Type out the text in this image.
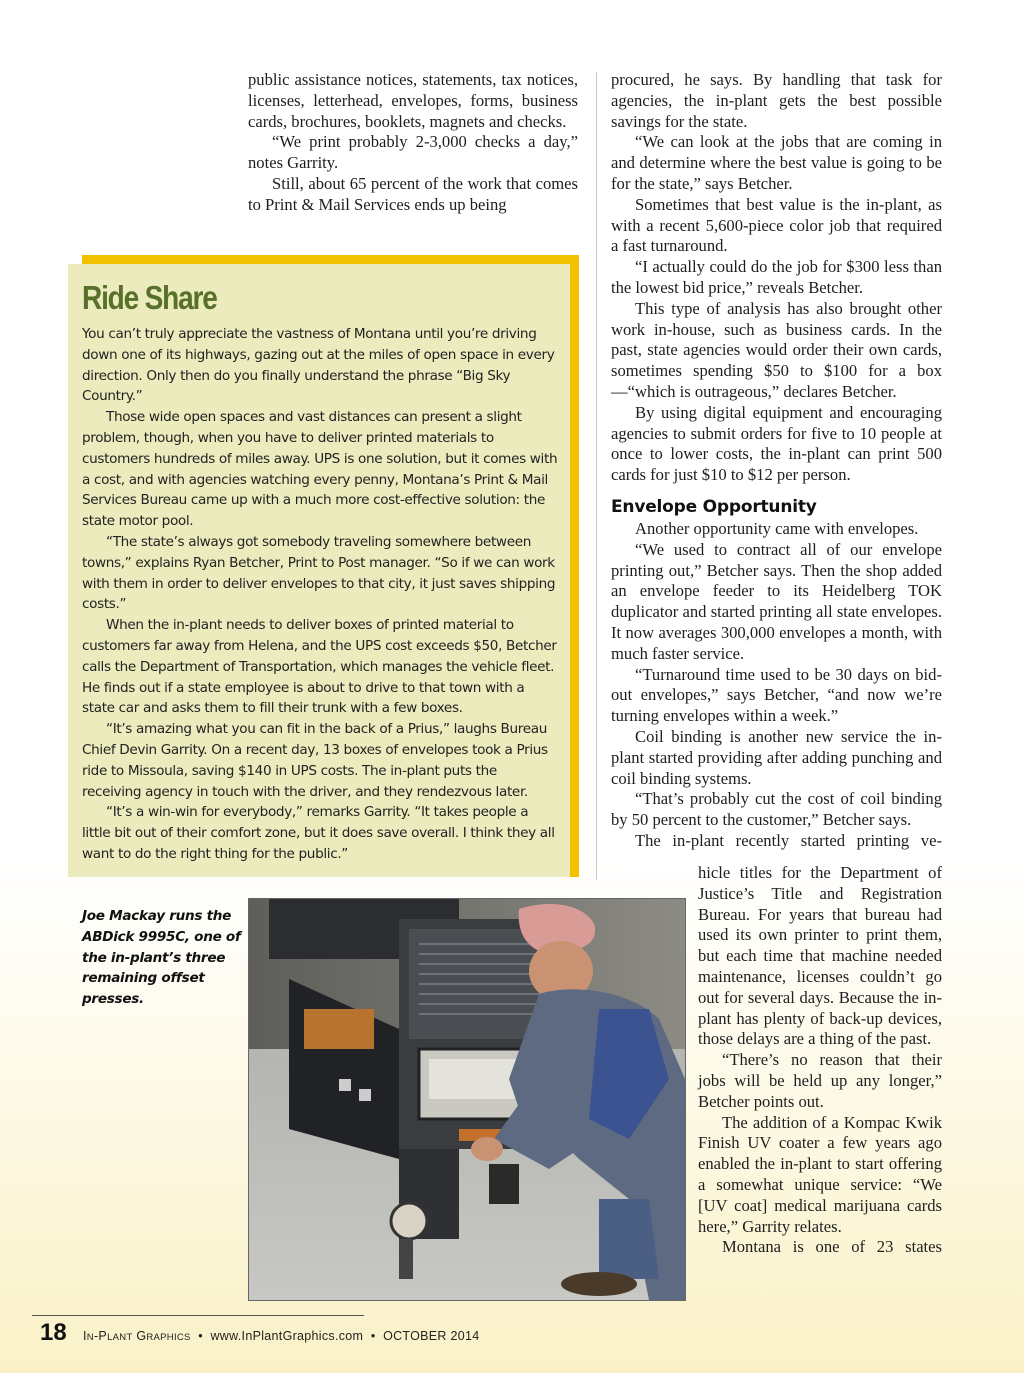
public assistance notices, statements, tax notices, licenses, letterhead, envelopes, forms, business cards, brochures, booklets, magnets and checks.

“We print probably 2-3,000 checks a day,” notes Garrity.

Still, about 65 percent of the work that comes to Print & Mail Services ends up being

Ride Share

You can’t truly appreciate the vastness of Montana until you’re driving down one of its highways, gazing out at the miles of open space in every direction. Only then do you finally understand the phrase “Big Sky Country.”

Those wide open spaces and vast distances can present a slight problem, though, when you have to deliver printed materials to customers hundreds of miles away. UPS is one solution, but it comes with a cost, and with agencies watching every penny, Montana’s Print & Mail Services Bureau came up with a much more cost-effective solution: the state motor pool.

“The state’s always got somebody traveling somewhere between towns,” explains Ryan Betcher, Print to Post manager. “So if we can work with them in order to deliver envelopes to that city, it just saves shipping costs.”

When the in-plant needs to deliver boxes of printed material to customers far away from Helena, and the UPS cost exceeds $50, Betcher calls the Department of Transportation, which manages the vehicle fleet. He finds out if a state employee is about to drive to that town with a state car and asks them to fill their trunk with a few boxes.

“It’s amazing what you can fit in the back of a Prius,” laughs Bureau Chief Devin Garrity. On a recent day, 13 boxes of envelopes took a Prius ride to Missoula, saving $140 in UPS costs. The in-plant puts the receiving agency in touch with the driver, and they rendezvous later.

“It’s a win-win for everybody,” remarks Garrity. “It takes people a little bit out of their comfort zone, but it does save overall. I think they all want to do the right thing for the public.”

procured, he says. By handling that task for agencies, the in-plant gets the best possible savings for the state.

“We can look at the jobs that are coming in and determine where the best value is going to be for the state,” says Betcher.

Sometimes that best value is the in-plant, as with a recent 5,600-piece color job that required a fast turnaround.

“I actually could do the job for $300 less than the lowest bid price,” reveals Betcher.

This type of analysis has also brought other work in-house, such as business cards. In the past, state agencies would order their own cards, sometimes spending $50 to $100 for a box—“which is outrageous,” declares Betcher.

By using digital equipment and encouraging agencies to submit orders for five to 10 people at once to lower costs, the in-plant can print 500 cards for just $10 to $12 per person.

Envelope Opportunity

Another opportunity came with envelopes.

“We used to contract all of our envelope printing out,” Betcher says. Then the shop added an envelope feeder to its Heidelberg TOK duplicator and started printing all state envelopes. It now averages 300,000 envelopes a month, with much faster service.

“Turnaround time used to be 30 days on bid-out envelopes,” says Betcher, “and now we’re turning envelopes within a week.”

Coil binding is another new service the in-plant started providing after adding punching and coil binding systems.

“That’s probably cut the cost of coil binding by 50 percent to the customer,” Betcher says.

The in-plant recently started printing ve-

hicle titles for the Department of Justice’s Title and Registration Bureau. For years that bureau had used its own printer to print them, but each time that machine needed maintenance, licenses couldn’t go out for several days. Because the in-plant has plenty of back-up devices, those delays are a thing of the past.

“There’s no reason that their jobs will be held up any longer,” Betcher points out.

The addition of a Kompac Kwik Finish UV coater a few years ago enabled the in-plant to start offering a somewhat unique service: “We [UV coat] medical marijuana cards here,” Garrity relates.

Montana is one of 23 states

Joe Mackay runs the ABDick 9995C, one of the in-plant’s three remaining offset presses.
18 IN-PLANT GRAPHICS • www.InPlantGraphics.com • OCTOBER 2014
